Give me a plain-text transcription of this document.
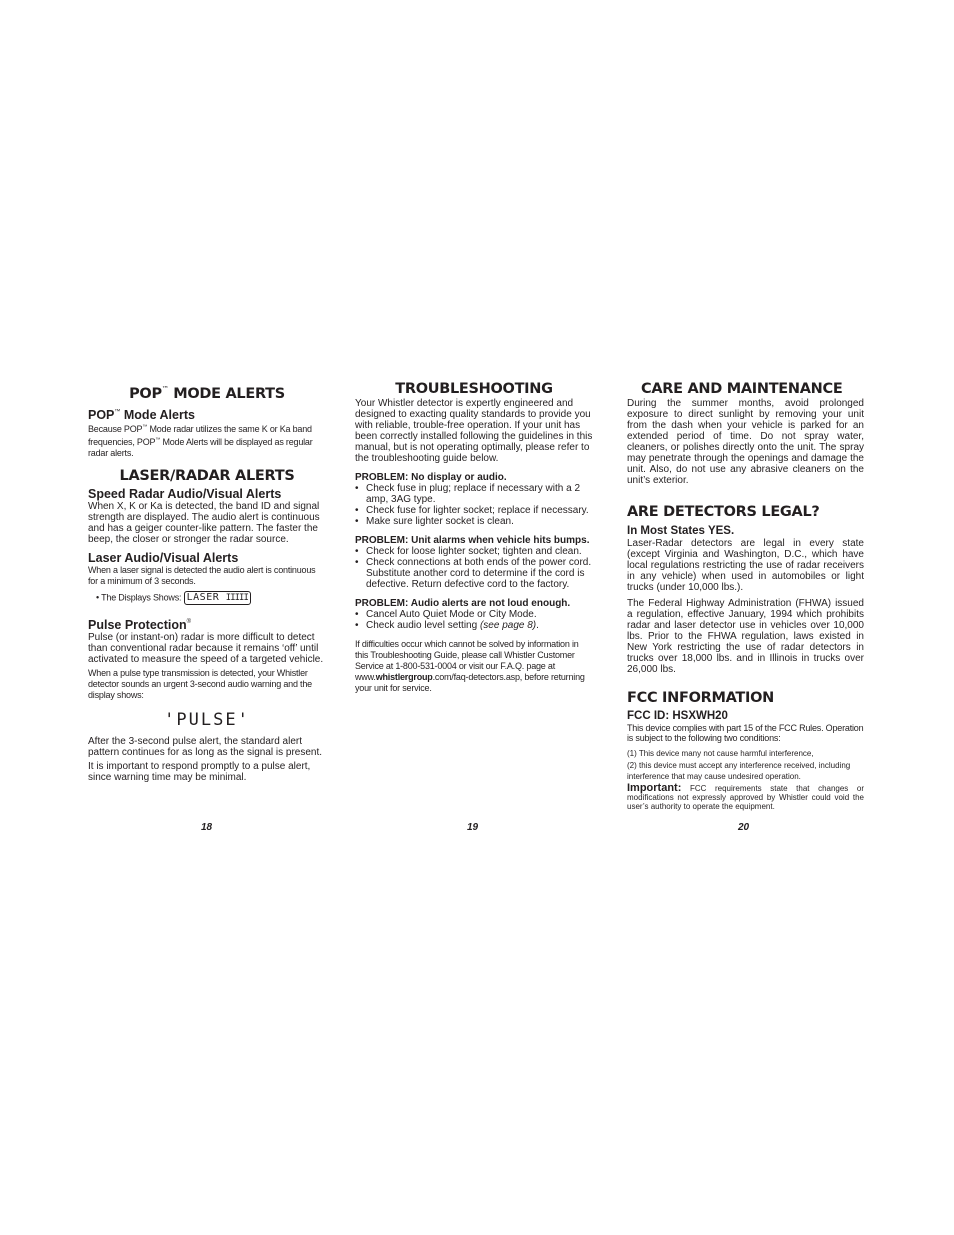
POP™ MODE ALERTS
POP™ Mode Alerts

Because POP™ Mode radar utilizes the same K or Ka band frequencies, POP™ Mode Alerts will be displayed as regular radar alerts.

LASER/RADAR ALERTS
Speed Radar Audio/Visual Alerts

When X, K or Ka is detected, the band ID and signal strength are displayed. The audio alert is continuous and has a geiger counter-like pattern. The faster the beep, the closer or stronger the radar source.

Laser Audio/Visual Alerts

When a laser signal is detected the audio alert is continuous for a minimum of 3 seconds.

• The Displays Shows: LASER IIIII

Pulse Protection®

Pulse (or instant-on) radar is more difficult to detect than conventional radar because it remains ‘off’ until activated to measure the speed of a targeted vehicle.

When a pulse type transmission is detected, your Whistler detector sounds an urgent 3-second audio warning and the display shows:

'PULSE'

After the 3-second pulse alert, the standard alert pattern continues for as long as the signal is present.

It is important to respond promptly to a pulse alert, since warning time may be minimal.

TROUBLESHOOTING

Your Whistler detector is expertly engineered and designed to exacting quality standards to provide you with reliable, trouble-free operation. If your unit has been correctly installed following the guidelines in this manual, but is not operating optimally, please refer to the troubleshooting guide below.

PROBLEM: No display or audio.
• Check fuse in plug; replace if necessary with a 2 amp, 3AG type.
• Check fuse for lighter socket; replace if necessary.
• Make sure lighter socket is clean.
PROBLEM: Unit alarms when vehicle hits bumps.
• Check for loose lighter socket; tighten and clean.
• Check connections at both ends of the power cord. Substitute another cord to determine if the cord is defective. Return defective cord to the factory.
PROBLEM: Audio alerts are not loud enough.
• Cancel Auto Quiet Mode or City Mode.
• Check audio level setting (see page 8).

If difficulties occur which cannot be solved by information in this Troubleshooting Guide, please call Whistler Customer Service at 1-800-531-0004 or visit our F.A.Q. page at www.whistlergroup.com/faq-detectors.asp, before returning your unit for service.

CARE AND MAINTENANCE

During the summer months, avoid prolonged exposure to direct sunlight by removing your unit from the dash when your vehicle is parked for an extended period of time. Do not spray water, cleaners, or polishes directly onto the unit. The spray may penetrate through the openings and damage the unit. Also, do not use any abrasive cleaners on the unit’s exterior.

ARE DETECTORS LEGAL?
In Most States YES.

Laser-Radar detectors are legal in every state (except Virginia and Washington, D.C., which have local regulations restricting the use of radar receivers in any vehicle) when used in automobiles or light trucks (under 10,000 lbs.).

The Federal Highway Administration (FHWA) issued a regulation, effective January, 1994 which prohibits radar and laser detector use in vehicles over 10,000 lbs. Prior to the FHWA regulation, laws existed in New York restricting the use of radar detectors in trucks over 18,000 lbs. and in Illinois in trucks over 26,000 lbs.

FCC INFORMATION
FCC ID: HSXWH20

This device complies with part 15 of the FCC Rules. Operation is subject to the following two conditions:

(1) This device many not cause harmful interference,

(2) this device must accept any interference received, including interference that may cause undesired operation.

Important: FCC requirements state that changes or modifications not expressly approved by Whistler could void the user’s authority to operate the equipment.

18	19	20
